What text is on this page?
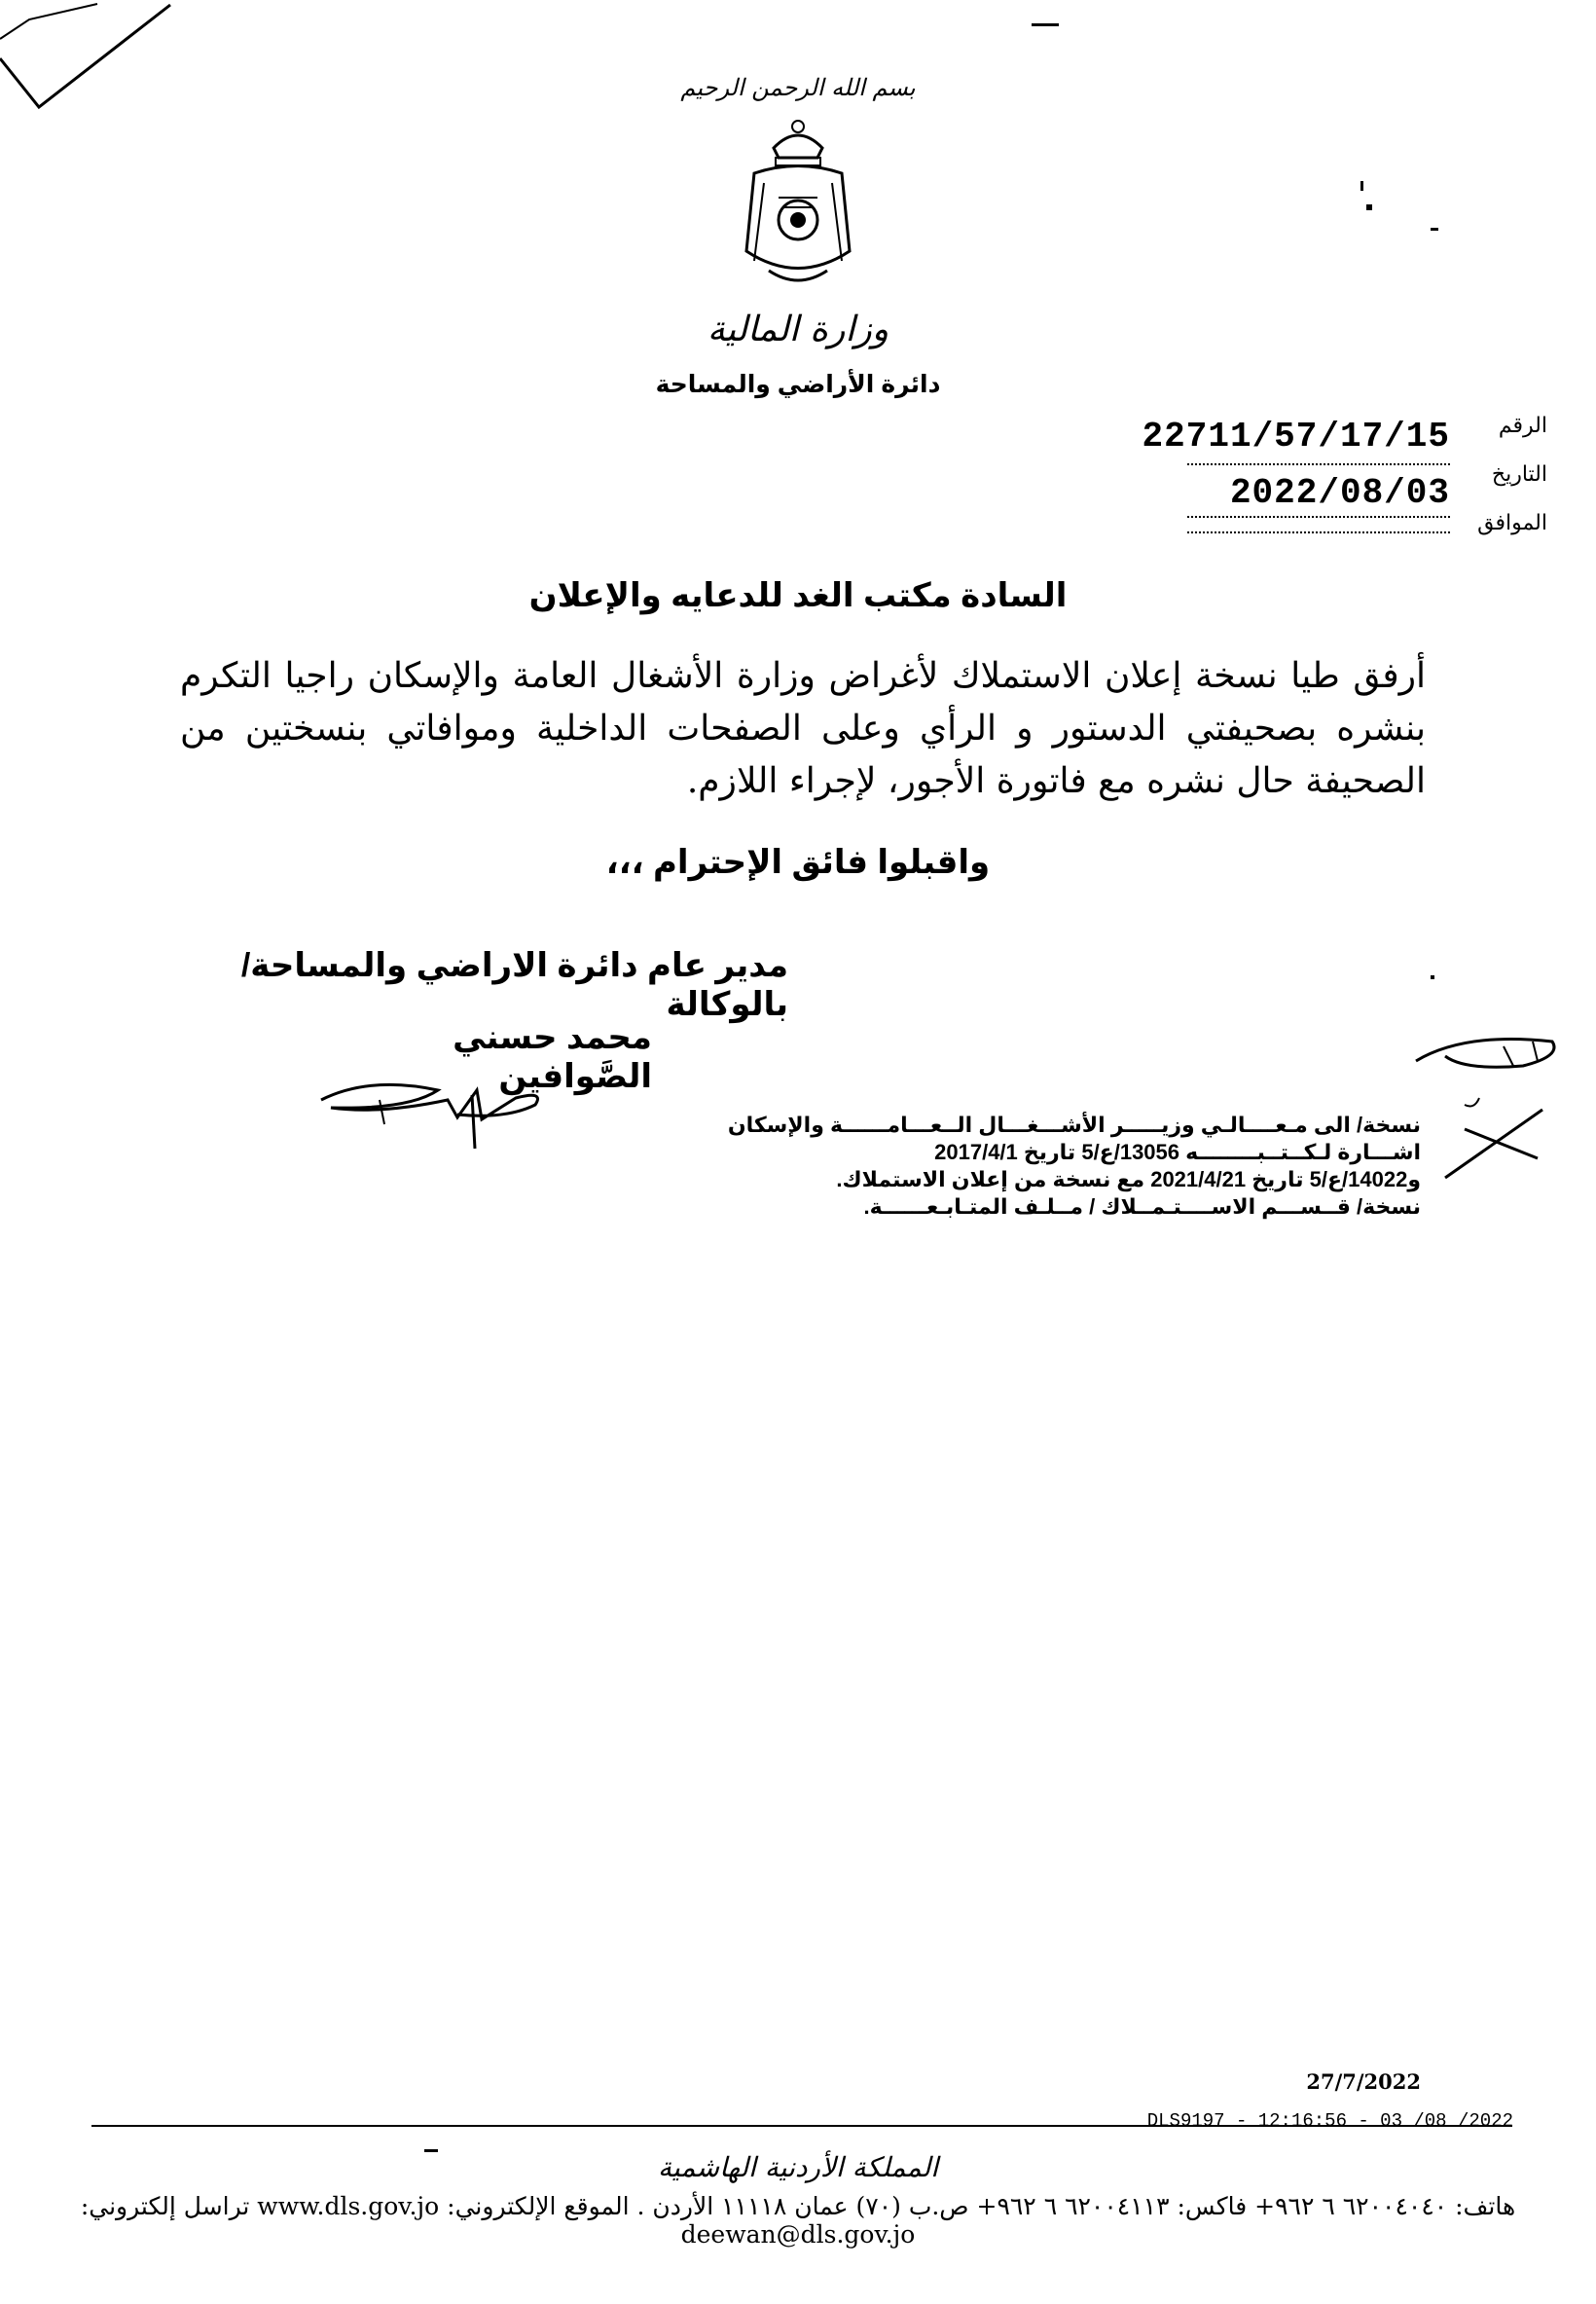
بسم الله الرحمن الرحيم
وزارة المالية
دائرة الأراضي والمساحة
الرقم
التاريخ
الموافق
22711/57/17/15
2022/08/03
السادة مكتب الغد للدعايه والإعلان
أرفق طيا نسخة إعلان الاستملاك لأغراض وزارة الأشغال العامة والإسكان راجيا التكرم بنشره بصحيفتي الدستور و الرأي وعلى الصفحات الداخلية وموافاتي بنسختين من الصحيفة حال نشره مع فاتورة الأجور، لإجراء اللازم.
واقبلوا فائق الإحترام ،،،
مدير عام دائرة الاراضي والمساحة/بالوكالة
محمد حسني الصَّوافين
نسخة/ الى مـعــــالـي وزيـــــر الأشـــغـــال الــعـــامــــــة والإسكان
اشـــارة لـكــتــبــــــــه 13056/ع/5 تاريخ 2017/4/1
و14022/ع/5 تاريخ 2021/4/21 مع نسخة من إعلان الاستملاك.
نسخة/ قــســـم الاســــتـمــلاك / مــلـف المتـابـعــــــة.
27/7/2022
DLS9197 - 12:16:56 - 03 /08 /2022
المملكة الأردنية الهاشمية
هاتف: ٦٢٠٠٤٠٤٠ ٦ ٩٦٢+ فاكس: ٦٢٠٠٤١١٣ ٦ ٩٦٢+ ص.ب (٧٠) عمان ١١١١٨ الأردن . الموقع الإلكتروني: www.dls.gov.jo تراسل إلكتروني: deewan@dls.gov.jo
